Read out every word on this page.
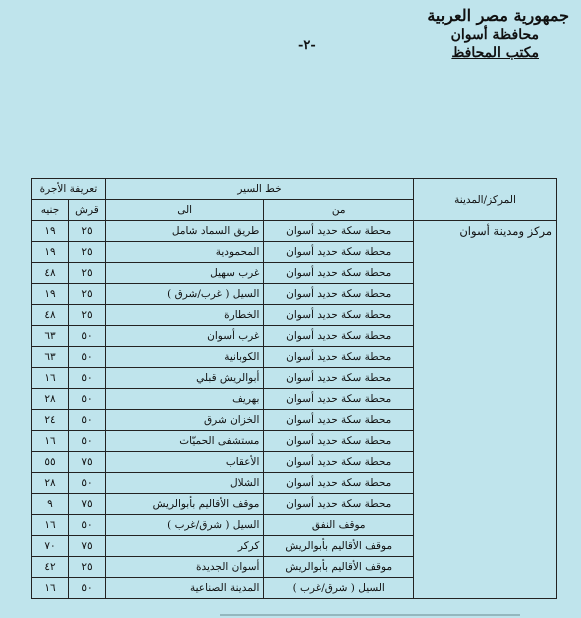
جمهورية مصر العربية
محافظة أسوان
مكتب المحافظ
-٢-
المركز/المدينة	خط السير		تعريفة الأجرة	
	من	الى	قرش	جنيه
مركز ومدينة أسوان	محطة سكة حديد أسوان	طريق السماد شامل	٢٥	١٩
	محطة سكة حديد أسوان	المحمودية	٢٥	١٩
	محطة سكة حديد أسوان	غرب سهيل	٢٥	٤٨
	محطة سكة حديد أسوان	السيل ( غرب/شرق )	٢٥	١٩
	محطة سكة حديد أسوان	الخطارة	٢٥	٤٨
	محطة سكة حديد أسوان	غرب أسوان	٥٠	٦٣
	محطة سكة حديد أسوان	الكوبانية	٥٠	٦٣
	محطة سكة حديد أسوان	أبوالريش قبلي	٥٠	١٦
	محطة سكة حديد أسوان	بهريف	٥٠	٢٨
	محطة سكة حديد أسوان	الخزان شرق	٥٠	٢٤
	محطة سكة حديد أسوان	مستشفى الحميّات	٥٠	١٦
	محطة سكة حديد أسوان	الأعقاب	٧٥	٥٥
	محطة سكة حديد أسوان	الشلال	٥٠	٢٨
	محطة سكة حديد أسوان	موقف الأقاليم بأبوالريش	٧٥	٩
	موقف النفق	السيل ( شرق/غرب )	٥٠	١٦
	موقف الأقاليم بأبوالريش	كركر	٧٥	٧٠
	موقف الأقاليم بأبوالريش	أسوان الجديدة	٢٥	٤٢
	السيل ( شرق/غرب )	المدينة الصناعية	٥٠	١٦
